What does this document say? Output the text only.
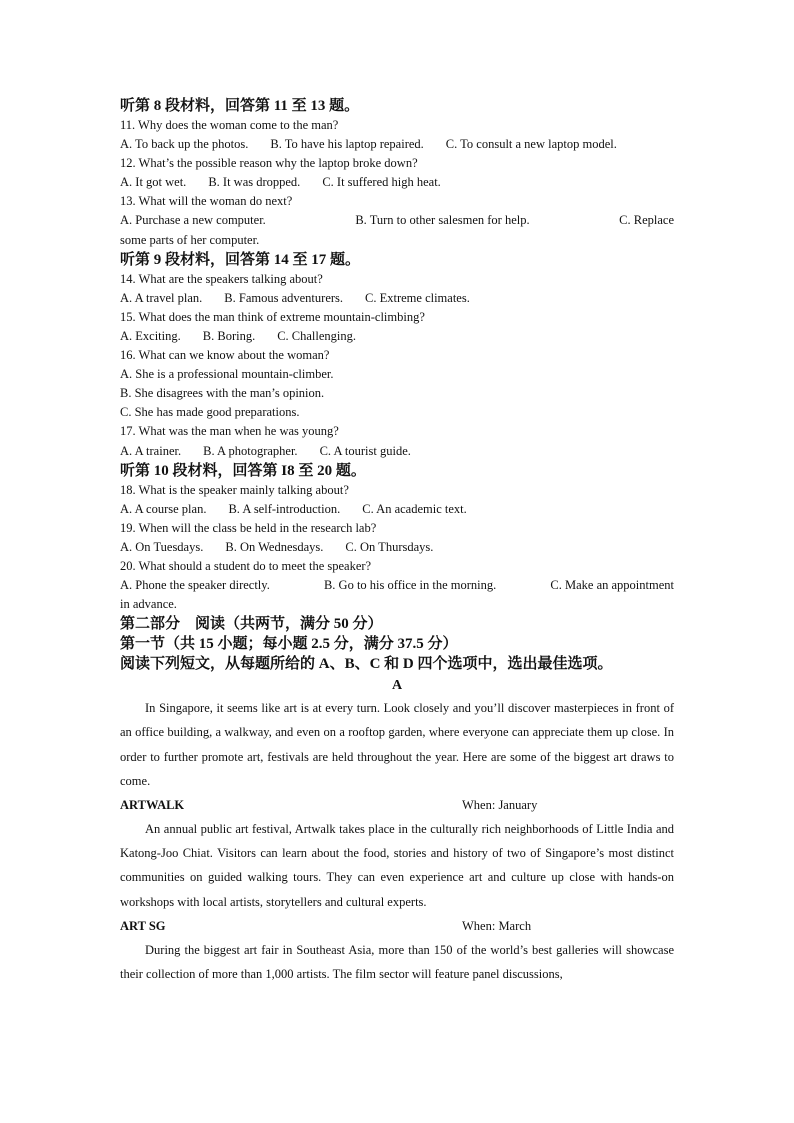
听第 8 段材料，回答第 11 至 13 题。
11. Why does the woman come to the man?
A. To back up the photos. B. To have his laptop repaired. C. To consult a new laptop model.
12. What’s the possible reason why the laptop broke down?
A. It got wet. B. It was dropped. C. It suffered high heat.
13. What will the woman do next?
A. Purchase a new computer.	B. Turn to other salesmen for help.	C. Replace
some parts of her computer.
听第 9 段材料，回答第 14 至 17 题。
14. What are the speakers talking about?
A. A travel plan. B. Famous adventurers. C. Extreme climates.
15. What does the man think of extreme mountain-climbing?
A. Exciting. B. Boring. C. Challenging.
16. What can we know about the woman?
A. She is a professional mountain-climber.
B. She disagrees with the man’s opinion.
C. She has made good preparations.
17. What was the man when he was young?
A. A trainer. B. A photographer. C. A tourist guide.
听第 10 段材料，回答第 I8 至 20 题。
18. What is the speaker mainly talking about?
A. A course plan. B. A self-introduction. C. An academic text.
19. When will the class be held in the research lab?
A. On Tuesdays. B. On Wednesdays. C. On Thursdays.
20. What should a student do to meet the speaker?
A. Phone the speaker directly.	B. Go to his office in the morning.	C. Make an appointment
in advance.
第二部分　阅读（共两节，满分 50 分）
第一节（共 15 小题；每小题 2.5 分，满分 37.5 分）
阅读下列短文，从每题所给的 A、B、C 和 D 四个选项中，选出最佳选项。
A
In Singapore, it seems like art is at every turn. Look closely and you’ll discover masterpieces in front of an office building, a walkway, and even on a rooftop garden, where everyone can appreciate them up close. In order to further promote art, festivals are held throughout the year. Here are some of the biggest art draws to come.
ARTWALK	When: January
An annual public art festival, Artwalk takes place in the culturally rich neighborhoods of Little India and Katong-Joo Chiat. Visitors can learn about the food, stories and history of two of Singapore’s most distinct communities on guided walking tours. They can even experience art and culture up close with hands-on workshops with local artists, storytellers and cultural experts.
ART SG	When: March
During the biggest art fair in Southeast Asia, more than 150 of the world’s best galleries will showcase their collection of more than 1,000 artists. The film sector will feature panel discussions,
